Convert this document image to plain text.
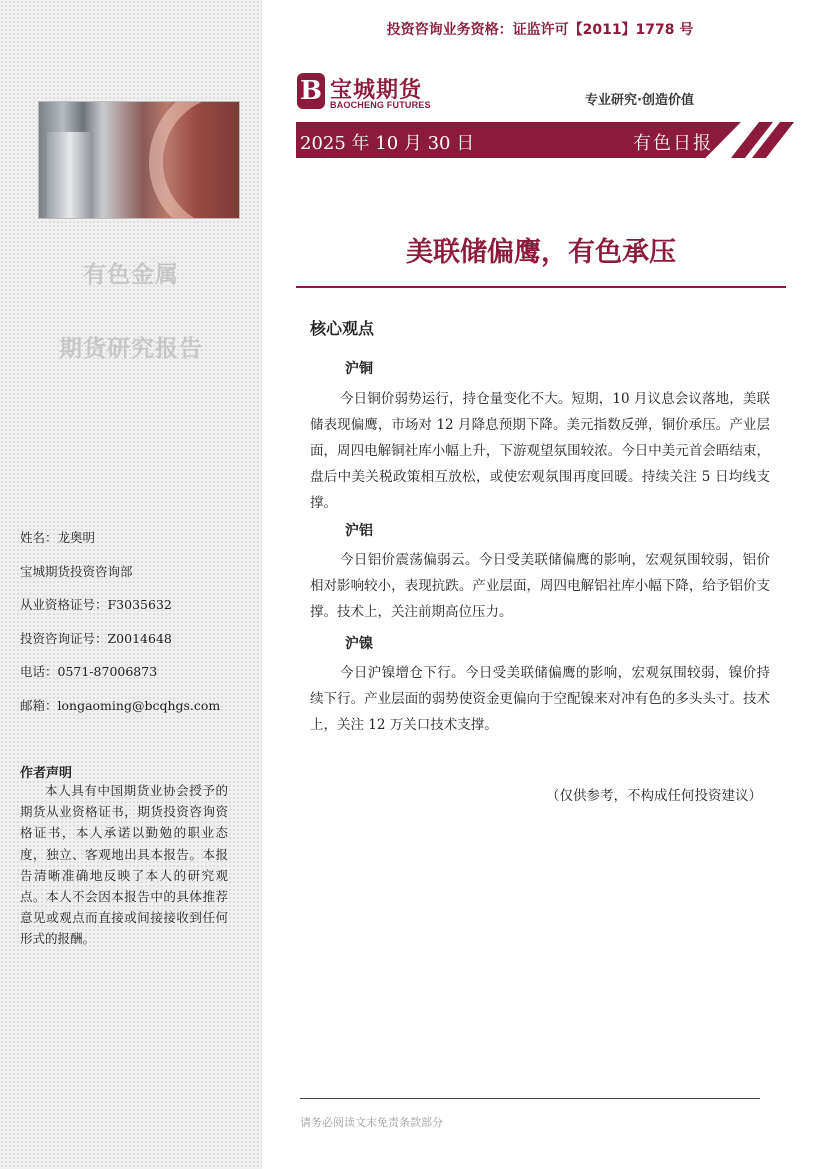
有色金属
期货研究报告
姓名：龙奥明
宝城期货投资咨询部
从业资格证号：F3035632
投资咨询证号：Z0014648
电话：0571-87006873
邮箱：longaoming@bcqhgs.com
作者声明
本人具有中国期货业协会授予的期货从业资格证书，期货投资咨询资格证书，本人承诺以勤勉的职业态度，独立、客观地出具本报告。本报告清晰准确地反映了本人的研究观点。本人不会因本报告中的具体推荐意见或观点而直接或间接接收到任何形式的报酬。
投资咨询业务资格：证监许可【2011】1778 号
B 宝城期货
BAOCHENG FUTURES	专业研究·创造价值
2025 年 10 月 30 日	有色日报
美联储偏鹰，有色承压
核心观点
沪铜
今日铜价弱势运行，持仓量变化不大。短期，10 月议息会议落地，美联储表现偏鹰，市场对 12 月降息预期下降。美元指数反弹，铜价承压。产业层面，周四电解铜社库小幅上升，下游观望氛围较浓。今日中美元首会晤结束，盘后中美关税政策相互放松，或使宏观氛围再度回暖。持续关注 5 日均线支撑。
沪铝
今日铝价震荡偏弱云。今日受美联储偏鹰的影响，宏观氛围较弱，铝价相对影响较小，表现抗跌。产业层面，周四电解铝社库小幅下降，给予铝价支撑。技术上，关注前期高位压力。
沪镍
今日沪镍增仓下行。今日受美联储偏鹰的影响，宏观氛围较弱，镍价持续下行。产业层面的弱势使资金更偏向于空配镍来对冲有色的多头头寸。技术上，关注 12 万关口技术支撑。
（仅供参考，不构成任何投资建议）
请务必阅读文末免责条款部分
